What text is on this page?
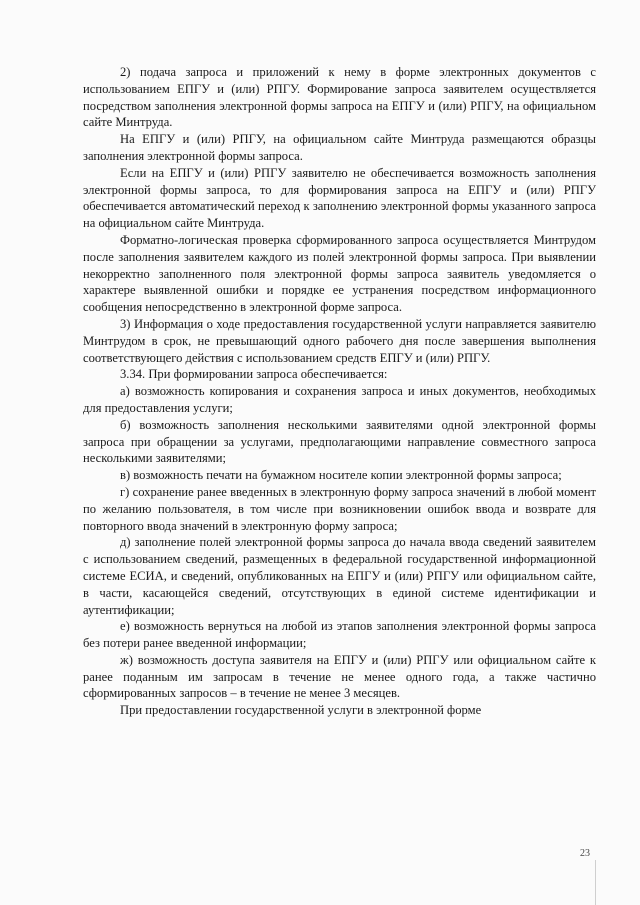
2) подача запроса и приложений к нему в форме электронных документов с использованием ЕПГУ и (или) РПГУ. Формирование запроса заявителем осуществляется посредством заполнения электронной формы запроса на ЕПГУ и (или) РПГУ, на официальном сайте Минтруда.

На ЕПГУ и (или) РПГУ, на официальном сайте Минтруда размещаются образцы заполнения электронной формы запроса.

Если на ЕПГУ и (или) РПГУ заявителю не обеспечивается возможность заполнения электронной формы запроса, то для формирования запроса на ЕПГУ и (или) РПГУ обеспечивается автоматический переход к заполнению электронной формы указанного запроса на официальном сайте Минтруда.

Форматно-логическая проверка сформированного запроса осуществляется Минтрудом после заполнения заявителем каждого из полей электронной формы запроса. При выявлении некорректно заполненного поля электронной формы запроса заявитель уведомляется о характере выявленной ошибки и порядке ее устранения посредством информационного сообщения непосредственно в электронной форме запроса.

3) Информация о ходе предоставления государственной услуги направляется заявителю Минтрудом в срок, не превышающий одного рабочего дня после завершения выполнения соответствующего действия с использованием средств ЕПГУ и (или) РПГУ.

3.34. При формировании запроса обеспечивается:

а) возможность копирования и сохранения запроса и иных документов, необходимых для предоставления услуги;

б) возможность заполнения несколькими заявителями одной электронной формы запроса при обращении за услугами, предполагающими направление совместного запроса несколькими заявителями;

в) возможность печати на бумажном носителе копии электронной формы запроса;

г) сохранение ранее введенных в электронную форму запроса значений в любой момент по желанию пользователя, в том числе при возникновении ошибок ввода и возврате для повторного ввода значений в электронную форму запроса;

д) заполнение полей электронной формы запроса до начала ввода сведений заявителем с использованием сведений, размещенных в федеральной государственной информационной системе ЕСИА, и сведений, опубликованных на ЕПГУ и (или) РПГУ или официальном сайте, в части, касающейся сведений, отсутствующих в единой системе идентификации и аутентификации;

е) возможность вернуться на любой из этапов заполнения электронной формы запроса без потери ранее введенной информации;

ж) возможность доступа заявителя на ЕПГУ и (или) РПГУ или официальном сайте к ранее поданным им запросам в течение не менее одного года, а также частично сформированных запросов – в течение не менее 3 месяцев.

При предоставлении государственной услуги в электронной форме

23
